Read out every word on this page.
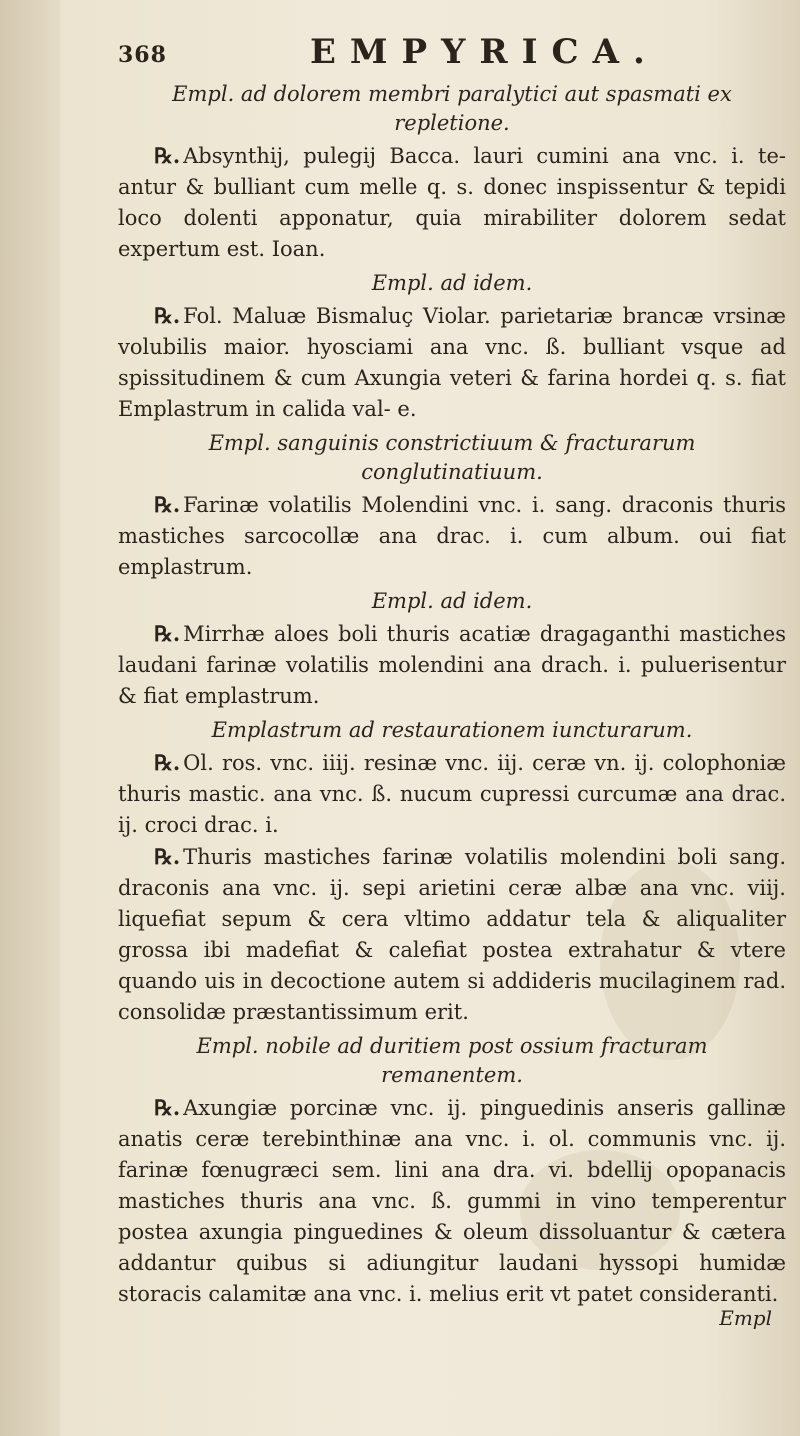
368	EMPYRICA.

Empl. ad dolorem membri paralytici aut spasmati ex repletione.

℞. Absynthij, pulegij Bacca. lauri cumini ana vnc. i. te- antur & bulliant cum melle q. s. donec inspissentur & tepidi loco dolenti apponatur, quia mirabiliter dolorem sedat expertum est. Ioan.

Empl. ad idem.

℞. Fol. Maluæ Bismaluç Violar. parietariæ brancæ vrsinæ volubilis maior. hyosciami ana vnc. ß. bulliant vsque ad spissitudinem & cum Axungia veteri & farina hordei q. s. fiat Emplastrum in calida val- e.

Empl. sanguinis constrictiuum & fracturarum conglutinatiuum.

℞. Farinæ volatilis Molendini vnc. i. sang. draconis thuris mastiches sarcocollæ ana drac. i. cum album. oui fiat emplastrum.

Empl. ad idem.

℞. Mirrhæ aloes boli thuris acatiæ dragaganthi mastiches laudani farinæ volatilis molendini ana drach. i. puluerisentur & fiat emplastrum.

Emplastrum ad restaurationem iuncturarum.

℞. Ol. ros. vnc. iiij. resinæ vnc. iij. ceræ vn. ij. colophoniæ thuris mastic. ana vnc. ß. nucum cupressi curcumæ ana drac. ij. croci drac. i.

℞. Thuris mastiches farinæ volatilis molendini boli sang. draconis ana vnc. ij. sepi arietini ceræ albæ ana vnc. viij. liquefiat sepum & cera vltimo addatur tela & aliqualiter grossa ibi madefiat & calefiat postea extrahatur & vtere quando uis in decoctione autem si addideris mucilaginem rad. consolidæ præstantissimum erit.

Empl. nobile ad duritiem post ossium fracturam remanentem.

℞. Axungiæ porcinæ vnc. ij. pinguedinis anseris gallinæ anatis ceræ terebinthinæ ana vnc. i. ol. communis vnc. ij. farinæ fœnugræci sem. lini ana dra. vi. bdellij opopanacis mastiches thuris ana vnc. ß. gummi in vino temperentur postea axungia pinguedines & oleum dissoluantur & cætera addantur quibus si adiungitur laudani hyssopi humidæ storacis calamitæ ana vnc. i. melius erit vt patet consideranti.

Empl
